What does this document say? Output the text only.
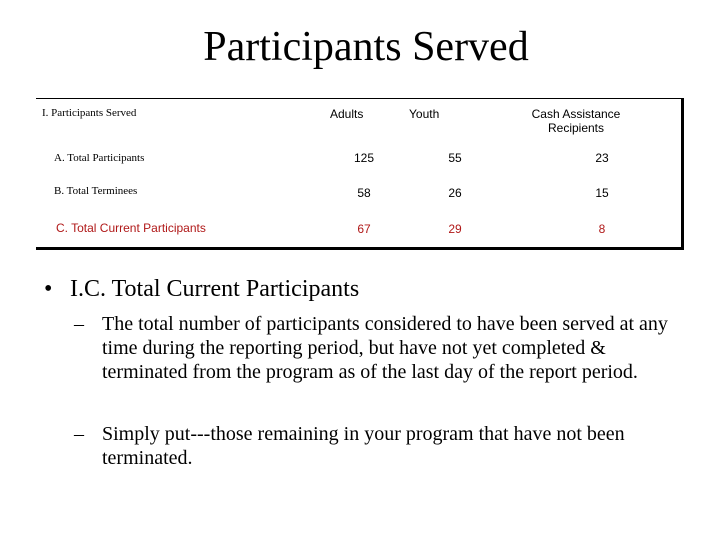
Participants Served
I. Participants Served	Adults	Youth	Cash Assistance
Recipients
A. Total Participants	125	55	23
B. Total Terminees	58	26	15
C. Total Current Participants	67	29	8
• I.C. Total Current Participants
– The total number of participants considered to have been served at any time during the reporting period, but have not yet completed & terminated from the program as of the last day of the report period.
– Simply put---those remaining in your program that have not been terminated.
